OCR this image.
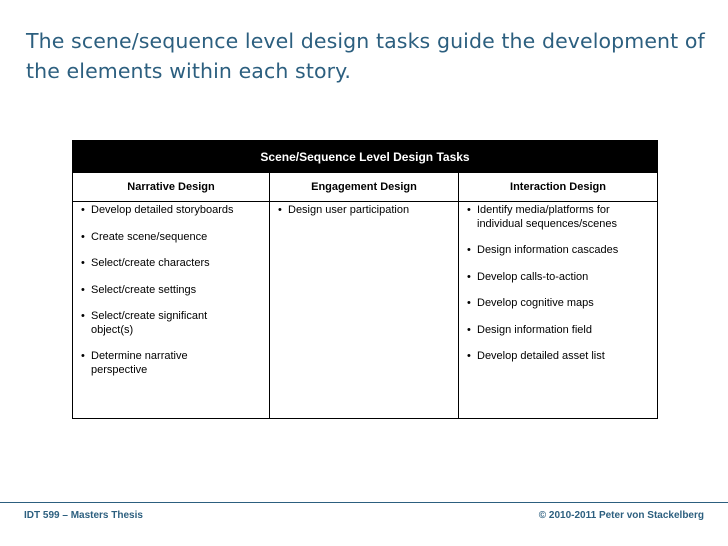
The scene/sequence level design tasks guide the development of the elements within each story.
Scene/Sequence Level Design Tasks
Narrative Design	Engagement Design	Interaction Design
• Develop detailed storyboards
• Create scene/sequence
• Select/create characters
• Select/create settings
• Select/create significant object(s)
• Determine narrative perspective
• Design user participation
•	Identify media/platforms for individual sequences/scenes
• Design information cascades
• Develop calls-to-action
• Develop cognitive maps
• Design information field
• Develop detailed asset list
IDT 599 – Masters Thesis	© 2010-2011 Peter von Stackelberg
